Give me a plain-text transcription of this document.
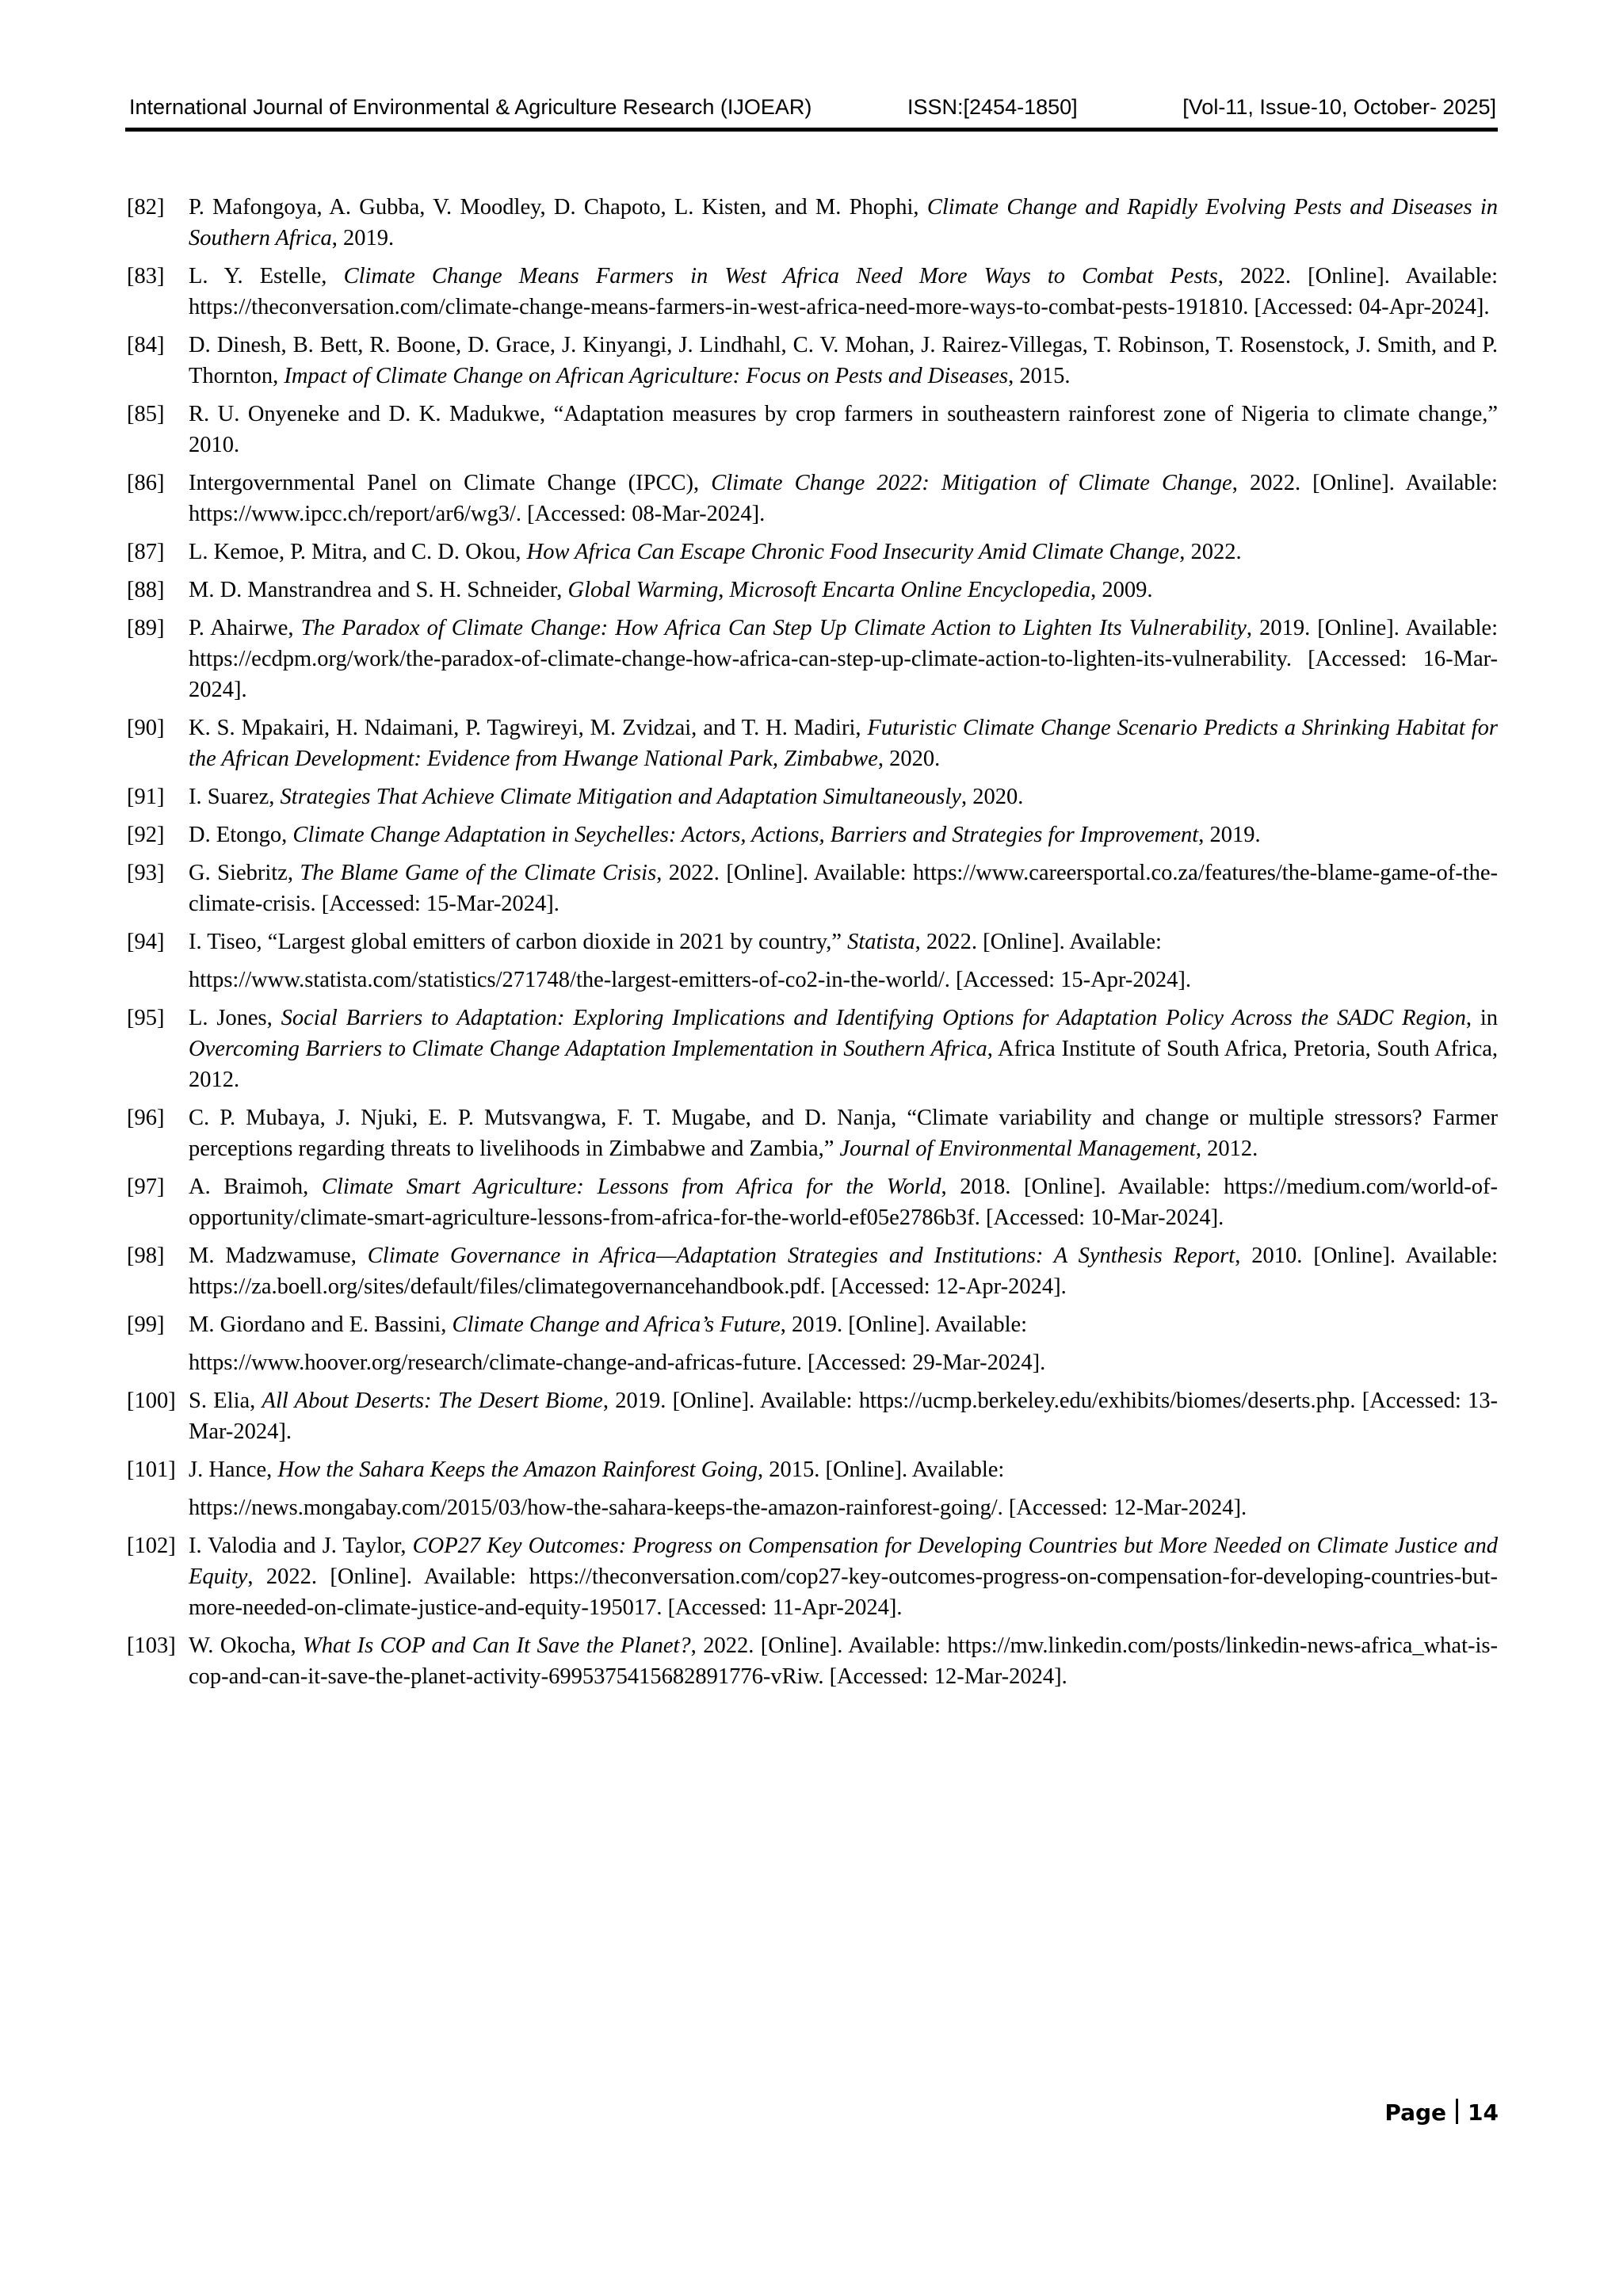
International Journal of Environmental & Agriculture Research (IJOEAR)	ISSN:[2454-1850]	[Vol-11, Issue-10, October- 2025]
[82] P. Mafongoya, A. Gubba, V. Moodley, D. Chapoto, L. Kisten, and M. Phophi, Climate Change and Rapidly Evolving Pests and Diseases in Southern Africa, 2019.
[83] L. Y. Estelle, Climate Change Means Farmers in West Africa Need More Ways to Combat Pests, 2022. [Online]. Available: https://theconversation.com/climate-change-means-farmers-in-west-africa-need-more-ways-to-combat-pests-191810. [Accessed: 04-Apr-2024].
[84] D. Dinesh, B. Bett, R. Boone, D. Grace, J. Kinyangi, J. Lindhahl, C. V. Mohan, J. Rairez-Villegas, T. Robinson, T. Rosenstock, J. Smith, and P. Thornton, Impact of Climate Change on African Agriculture: Focus on Pests and Diseases, 2015.
[85] R. U. Onyeneke and D. K. Madukwe, “Adaptation measures by crop farmers in southeastern rainforest zone of Nigeria to climate change,” 2010.
[86] Intergovernmental Panel on Climate Change (IPCC), Climate Change 2022: Mitigation of Climate Change, 2022. [Online]. Available: https://www.ipcc.ch/report/ar6/wg3/. [Accessed: 08-Mar-2024].
[87] L. Kemoe, P. Mitra, and C. D. Okou, How Africa Can Escape Chronic Food Insecurity Amid Climate Change, 2022.
[88] M. D. Manstrandrea and S. H. Schneider, Global Warming, Microsoft Encarta Online Encyclopedia, 2009.
[89] P. Ahairwe, The Paradox of Climate Change: How Africa Can Step Up Climate Action to Lighten Its Vulnerability, 2019. [Online]. Available: https://ecdpm.org/work/the-paradox-of-climate-change-how-africa-can-step-up-climate-action-to-lighten-its-vulnerability. [Accessed: 16-Mar-2024].
[90] K. S. Mpakairi, H. Ndaimani, P. Tagwireyi, M. Zvidzai, and T. H. Madiri, Futuristic Climate Change Scenario Predicts a Shrinking Habitat for the African Development: Evidence from Hwange National Park, Zimbabwe, 2020.
[91] I. Suarez, Strategies That Achieve Climate Mitigation and Adaptation Simultaneously, 2020.
[92] D. Etongo, Climate Change Adaptation in Seychelles: Actors, Actions, Barriers and Strategies for Improvement, 2019.
[93] G. Siebritz, The Blame Game of the Climate Crisis, 2022. [Online]. Available: https://www.careersportal.co.za/features/the-blame-game-of-the-climate-crisis. [Accessed: 15-Mar-2024].
[94] I. Tiseo, “Largest global emitters of carbon dioxide in 2021 by country,” Statista, 2022. [Online]. Available:
https://www.statista.com/statistics/271748/the-largest-emitters-of-co2-in-the-world/. [Accessed: 15-Apr-2024].
[95] L. Jones, Social Barriers to Adaptation: Exploring Implications and Identifying Options for Adaptation Policy Across the SADC Region, in Overcoming Barriers to Climate Change Adaptation Implementation in Southern Africa, Africa Institute of South Africa, Pretoria, South Africa, 2012.
[96] C. P. Mubaya, J. Njuki, E. P. Mutsvangwa, F. T. Mugabe, and D. Nanja, “Climate variability and change or multiple stressors? Farmer perceptions regarding threats to livelihoods in Zimbabwe and Zambia,” Journal of Environmental Management, 2012.
[97] A. Braimoh, Climate Smart Agriculture: Lessons from Africa for the World, 2018. [Online]. Available: https://medium.com/world-of-opportunity/climate-smart-agriculture-lessons-from-africa-for-the-world-ef05e2786b3f. [Accessed: 10-Mar-2024].
[98] M. Madzwamuse, Climate Governance in Africa—Adaptation Strategies and Institutions: A Synthesis Report, 2010. [Online]. Available: https://za.boell.org/sites/default/files/climategovernancehandbook.pdf. [Accessed: 12-Apr-2024].
[99] M. Giordano and E. Bassini, Climate Change and Africa’s Future, 2019. [Online]. Available:
https://www.hoover.org/research/climate-change-and-africas-future. [Accessed: 29-Mar-2024].
[100] S. Elia, All About Deserts: The Desert Biome, 2019. [Online]. Available: https://ucmp.berkeley.edu/exhibits/biomes/deserts.php. [Accessed: 13-Mar-2024].
[101] J. Hance, How the Sahara Keeps the Amazon Rainforest Going, 2015. [Online]. Available:
https://news.mongabay.com/2015/03/how-the-sahara-keeps-the-amazon-rainforest-going/. [Accessed: 12-Mar-2024].
[102] I. Valodia and J. Taylor, COP27 Key Outcomes: Progress on Compensation for Developing Countries but More Needed on Climate Justice and Equity, 2022. [Online]. Available: https://theconversation.com/cop27-key-outcomes-progress-on-compensation-for-developing-countries-but-more-needed-on-climate-justice-and-equity-195017. [Accessed: 11-Apr-2024].
[103] W. Okocha, What Is COP and Can It Save the Planet?, 2022. [Online]. Available: https://mw.linkedin.com/posts/linkedin-news-africa_what-is-cop-and-can-it-save-the-planet-activity-6995375415682891776-vRiw. [Accessed: 12-Mar-2024].
Page 14
